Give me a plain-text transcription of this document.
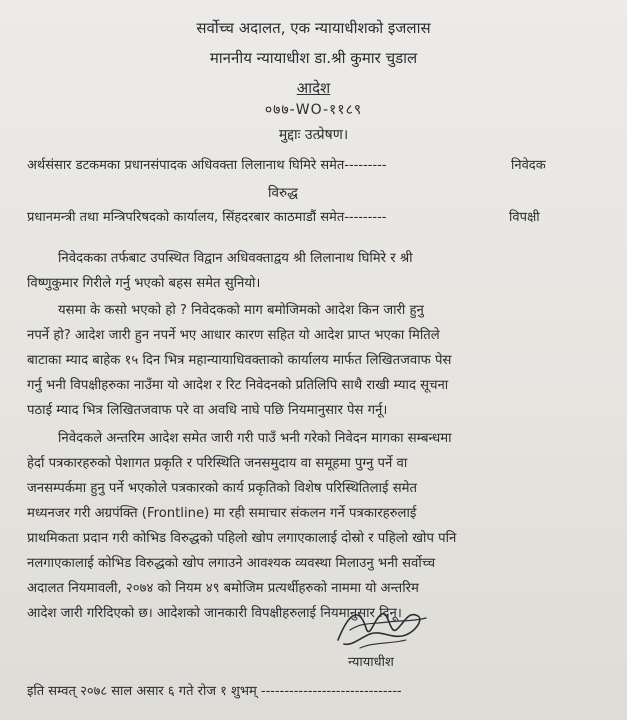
सर्वोच्च अदालत, एक न्यायाधीशको इजलास
माननीय न्यायाधीश डा.श्री कुमार चुडाल
आदेश
०७७-WO-११८९
मुद्दाः उत्प्रेषण।
अर्थसंसार डटकमका प्रधानसंपादक अधिवक्ता लिलानाथ घिमिरे समेत---------	निवेदक
विरुद्ध
प्रधानमन्त्री तथा मन्त्रिपरिषदको कार्यालय, सिंहदरबार काठमाडौं समेत---------	विपक्षी
निवेदकका तर्फबाट उपस्थित विद्वान अधिवक्ताद्वय श्री लिलानाथ घिमिरे र श्री
विष्णुकुमार गिरीले गर्नु भएको बहस समेत सुनियो।
यसमा के कसो भएको हो ? निवेदकको माग बमोजिमको आदेश किन जारी हुनु
नपर्ने हो? आदेश जारी हुन नपर्ने भए आधार कारण सहित यो आदेश प्राप्त भएका मितिले
बाटाका म्याद बाहेक १५ दिन भित्र महान्यायाधिवक्ताको कार्यालय मार्फत लिखितजवाफ पेस
गर्नु भनी विपक्षीहरुका नाउँमा यो आदेश र रिट निवेदनको प्रतिलिपि साथै राखी म्याद सूचना
पठाई म्याद भित्र लिखितजवाफ परे वा अवधि नाघे पछि नियमानुसार पेस गर्नू।
निवेदकले अन्तरिम आदेश समेत जारी गरी पाउँ भनी गरेको निवेदन मागका सम्बन्धमा
हेर्दा पत्रकारहरुको पेशागत प्रकृति र परिस्थिति जनसमुदाय वा समूहमा पुग्नु पर्ने वा
जनसम्पर्कमा हुनु पर्ने भएकोले पत्रकारको कार्य प्रकृतिको विशेष परिस्थितिलाई समेत
मध्यनजर गरी अग्रपंक्ति (Frontline) मा रही समाचार संकलन गर्ने पत्रकारहरुलाई
प्राथमिकता प्रदान गरी कोभिड विरुद्धको पहिलो खोप लगाएकालाई दोस्रो र पहिलो खोप पनि
नलगाएकालाई कोभिड विरुद्धको खोप लगाउने आवश्यक व्यवस्था मिलाउनु भनी सर्वोच्च
अदालत नियमावली, २०७४ को नियम ४९ बमोजिम प्रत्यर्थीहरुको नाममा यो अन्तरिम
आदेश जारी गरिदिएको छ। आदेशको जानकारी विपक्षीहरुलाई नियमानुसार दिनू।
न्यायाधीश
इति सम्वत् २०७८ साल असार ६ गते रोज १ शुभम् ------------------------------
